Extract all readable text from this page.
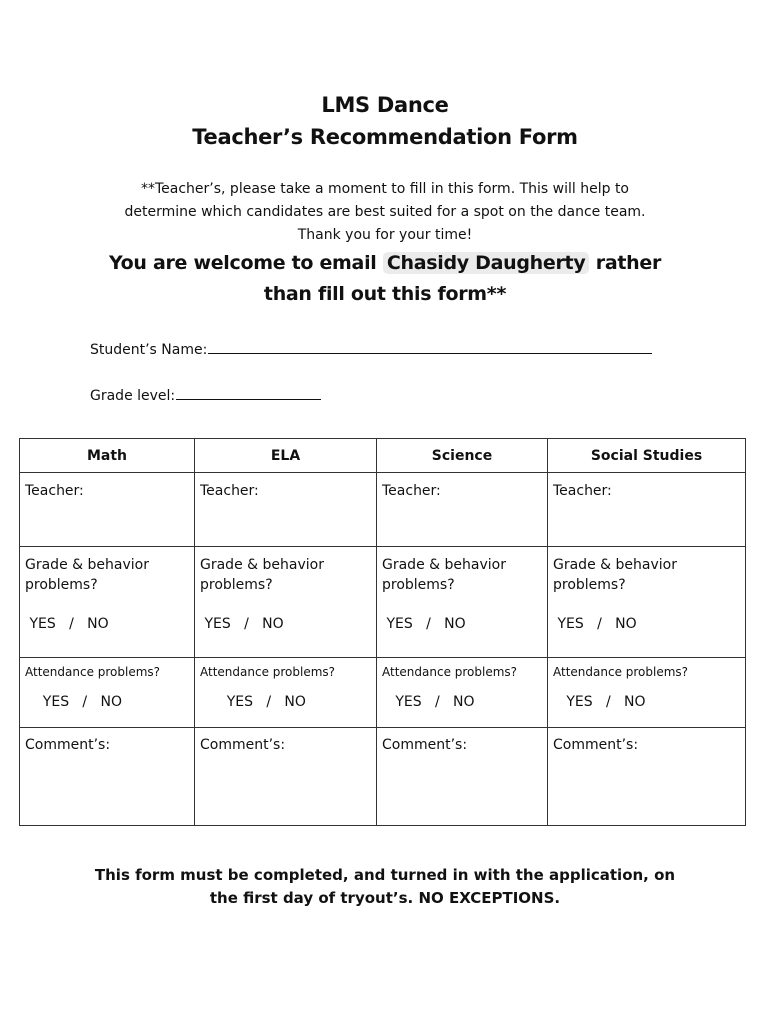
LMS Dance
Teacher’s Recommendation Form
**Teacher’s, please take a moment to fill in this form. This will help to
determine which candidates are best suited for a spot on the dance team.
Thank you for your time!
You are welcome to email Chasidy Daugherty rather
than fill out this form**
Student’s Name:
Grade level:
Math	ELA	Science	Social Studies
Teacher:	Teacher:	Teacher:	Teacher:
Grade & behavior problems?
YES   /   NO	Grade & behavior problems?
YES   /   NO	Grade & behavior problems?
YES   /   NO	Grade & behavior problems?
YES   /   NO

Attendance problems?
YES   /   NO	Attendance problems?
YES   /   NO	Attendance problems?
YES   /   NO	Attendance problems?
YES   /   NO

Comment’s:	Comment’s:	Comment’s:	Comment’s:
This form must be completed, and turned in with the application, on
the first day of tryout’s. NO EXCEPTIONS.
